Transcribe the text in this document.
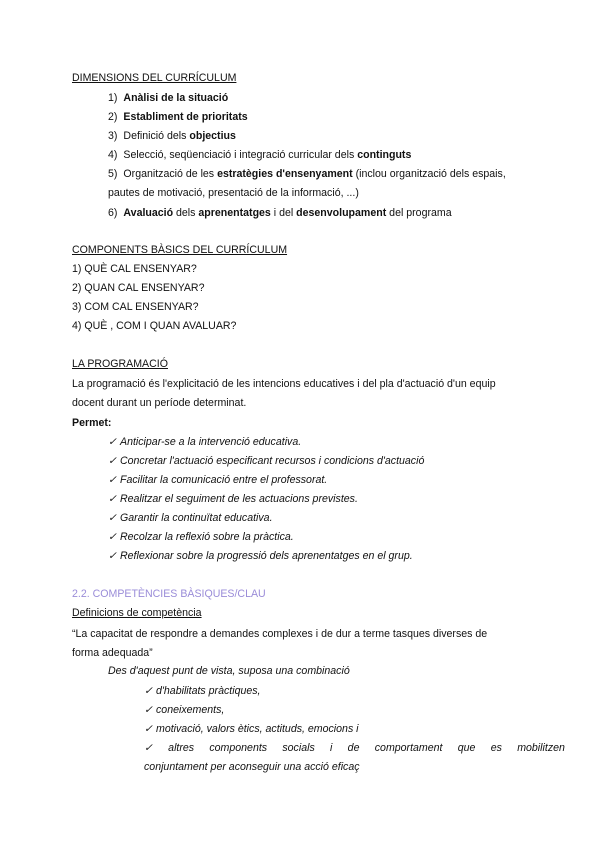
DIMENSIONS DEL CURRÍCULUM
1) Anàlisi de la situació
2) Establiment de prioritats
3) Definició dels objectius
4) Selecció, seqüenciació i integració curricular dels continguts
5) Organització de les estratègies d'ensenyament (inclou organització dels espais,
pautes de motivació, presentació de la informació, ...)
6) Avaluació dels aprenentatges i del desenvolupament del programa
COMPONENTS BÀSICS DEL CURRÍCULUM
1) QUÈ CAL ENSENYAR?
2) QUAN CAL ENSENYAR?
3) COM CAL ENSENYAR?
4) QUÈ , COM I QUAN AVALUAR?
LA PROGRAMACIÓ
La programació és l'explicitació de les intencions educatives i del pla d'actuació d'un equip
docent durant un període determinat.
Permet:
✓ Anticipar-se a la intervenció educativa.
✓ Concretar l'actuació especificant recursos i condicions d'actuació
✓ Facilitar la comunicació entre el professorat.
✓ Realitzar el seguiment de les actuacions previstes.
✓ Garantir la continuïtat educativa.
✓ Recolzar la reflexió sobre la pràctica.
✓ Reflexionar sobre la progressió dels aprenentatges en el grup.
2.2. COMPETÈNCIES BÀSIQUES/CLAU
Definicions de competència
“La capacitat de respondre a demandes complexes i de dur a terme tasques diverses de
forma adequada”
Des d'aquest punt de vista, suposa una combinació
✓ d'habilitats pràctiques,
✓ coneixements,
✓ motivació, valors ètics, actituds, emocions i
✓ altres components socials i de comportament que es mobilitzen
conjuntament per aconseguir una acció eficaç
